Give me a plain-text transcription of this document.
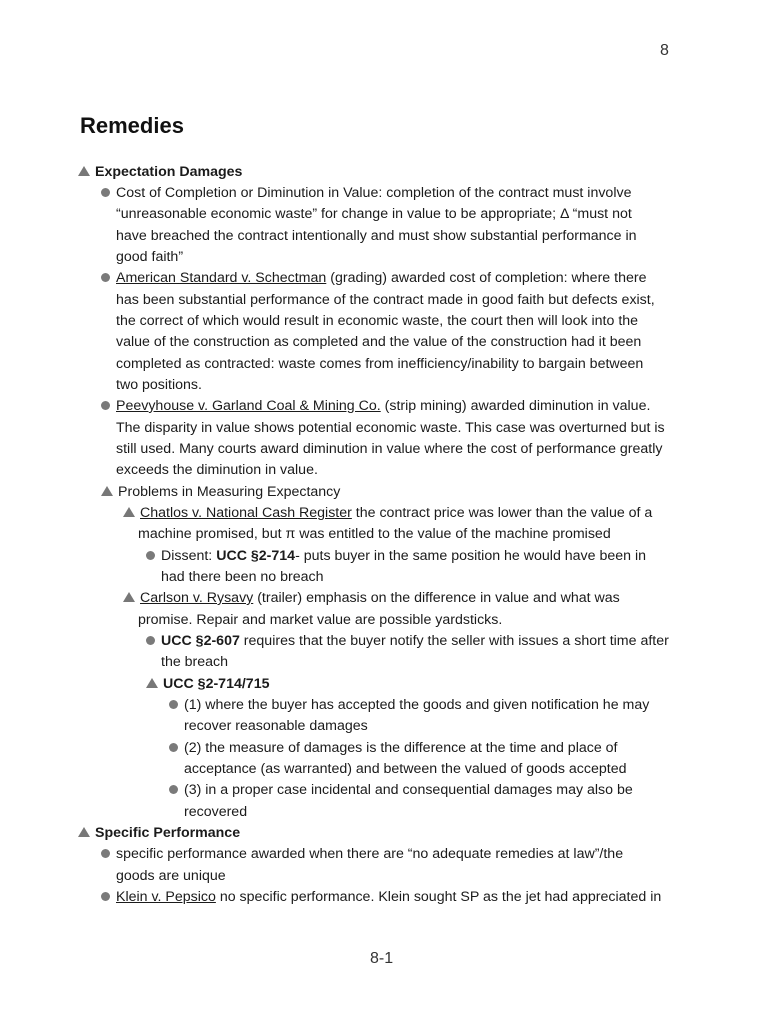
8
Remedies
Expectation Damages
Cost of Completion or Diminution in Value: completion of the contract must involve
“unreasonable economic waste” for change in value to be appropriate; Δ “must not
have breached the contract intentionally and must show substantial performance in
good faith”
American Standard v. Schectman (grading) awarded cost of completion: where there
has been substantial performance of the contract made in good faith but defects exist,
the correct of which would result in economic waste, the court then will look into the
value of the construction as completed and the value of the construction had it been
completed as contracted: waste comes from inefficiency/inability to bargain between
two positions.
Peevyhouse v. Garland Coal & Mining Co. (strip mining) awarded diminution in value.
The disparity in value shows potential economic waste. This case was overturned but is
still used. Many courts award diminution in value where the cost of performance greatly
exceeds the diminution in value.
Problems in Measuring Expectancy
Chatlos v. National Cash Register the contract price was lower than the value of a
machine promised, but π was entitled to the value of the machine promised
Dissent: UCC §2-714- puts buyer in the same position he would have been in
had there been no breach
Carlson v. Rysavy (trailer) emphasis on the difference in value and what was
promise. Repair and market value are possible yardsticks.
UCC §2-607 requires that the buyer notify the seller with issues a short time after
the breach
UCC §2-714/715
(1) where the buyer has accepted the goods and given notification he may
recover reasonable damages
(2) the measure of damages is the difference at the time and place of
acceptance (as warranted) and between the valued of goods accepted
(3) in a proper case incidental and consequential damages may also be
recovered
Specific Performance
specific performance awarded when there are “no adequate remedies at law”/the
goods are unique
Klein v. Pepsico no specific performance. Klein sought SP as the jet had appreciated in
8-1
